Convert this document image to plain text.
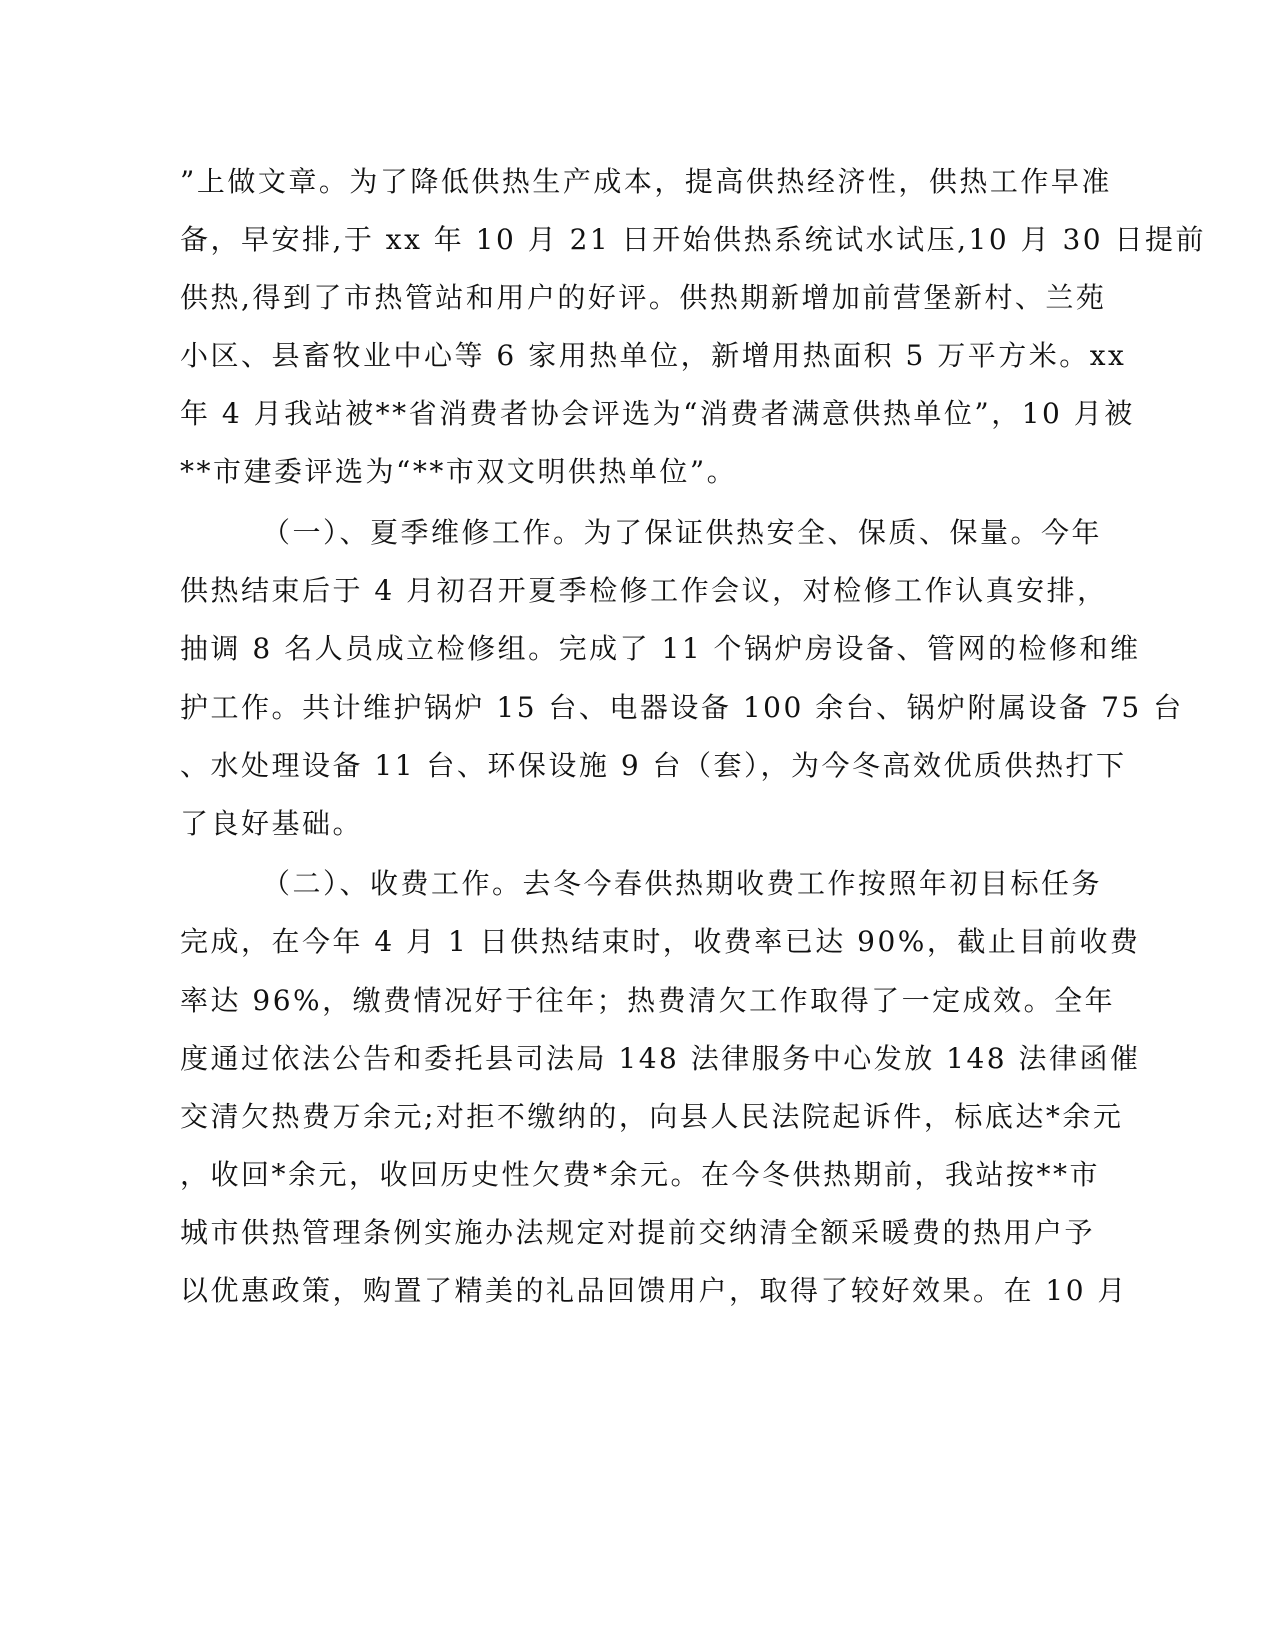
”上做文章。为了降低供热生产成本，提高供热经济性，供热工作早准

备，早安排,于 xx 年 10 月 21 日开始供热系统试水试压,10 月 30 日提前

供热,得到了市热管站和用户的好评。供热期新增加前营堡新村、兰苑

小区、县畜牧业中心等 6 家用热单位，新增用热面积 5 万平方米。xx

年 4 月我站被**省消费者协会评选为“消费者满意供热单位”，10 月被

**市建委评选为“**市双文明供热单位”。

（一）、夏季维修工作。为了保证供热安全、保质、保量。今年

供热结束后于 4 月初召开夏季检修工作会议，对检修工作认真安排，

抽调 8 名人员成立检修组。完成了 11 个锅炉房设备、管网的检修和维

护工作。共计维护锅炉 15 台、电器设备 100 余台、锅炉附属设备 75 台

、水处理设备 11 台、环保设施 9 台（套），为今冬高效优质供热打下

了良好基础。

（二）、收费工作。去冬今春供热期收费工作按照年初目标任务

完成，在今年 4 月 1 日供热结束时，收费率已达 90%，截止目前收费

率达 96%，缴费情况好于往年；热费清欠工作取得了一定成效。全年

度通过依法公告和委托县司法局 148 法律服务中心发放 148 法律函催

交清欠热费万余元;对拒不缴纳的，向县人民法院起诉件，标底达*余元

，收回*余元，收回历史性欠费*余元。在今冬供热期前，我站按**市

城市供热管理条例实施办法规定对提前交纳清全额采暖费的热用户予

以优惠政策，购置了精美的礼品回馈用户，取得了较好效果。在 10 月
